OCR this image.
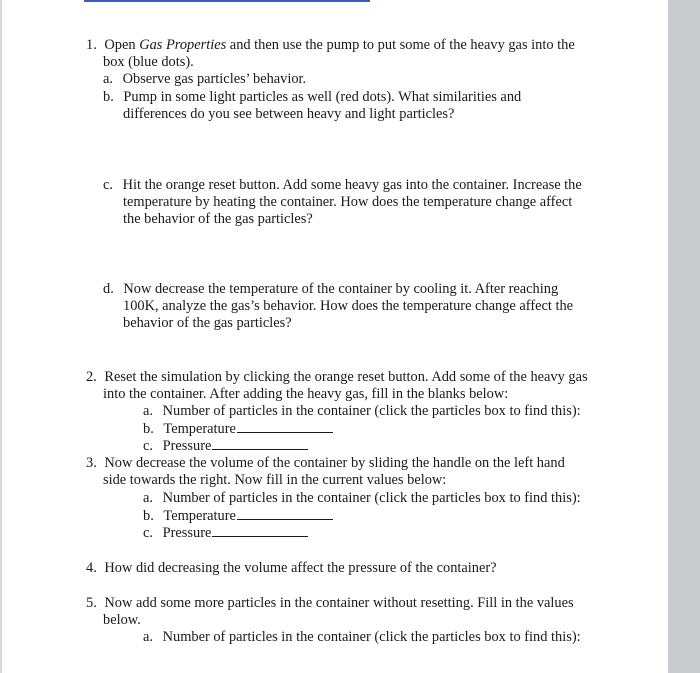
1. Open Gas Properties and then use the pump to put some of the heavy gas into the
box (blue dots).
a. Observe gas particles’ behavior.
b. Pump in some light particles as well (red dots). What similarities and
differences do you see between heavy and light particles?
c. Hit the orange reset button. Add some heavy gas into the container. Increase the
temperature by heating the container. How does the temperature change affect
the behavior of the gas particles?
d. Now decrease the temperature of the container by cooling it. After reaching
100K, analyze the gas’s behavior. How does the temperature change affect the
behavior of the gas particles?
2. Reset the simulation by clicking the orange reset button. Add some of the heavy gas
into the container. After adding the heavy gas, fill in the blanks below:
a. Number of particles in the container (click the particles box to find this):
b. Temperature
c. Pressure
3. Now decrease the volume of the container by sliding the handle on the left hand
side towards the right. Now fill in the current values below:
a. Number of particles in the container (click the particles box to find this):
b. Temperature
c. Pressure
4. How did decreasing the volume affect the pressure of the container?
5. Now add some more particles in the container without resetting. Fill in the values
below.
a. Number of particles in the container (click the particles box to find this):
